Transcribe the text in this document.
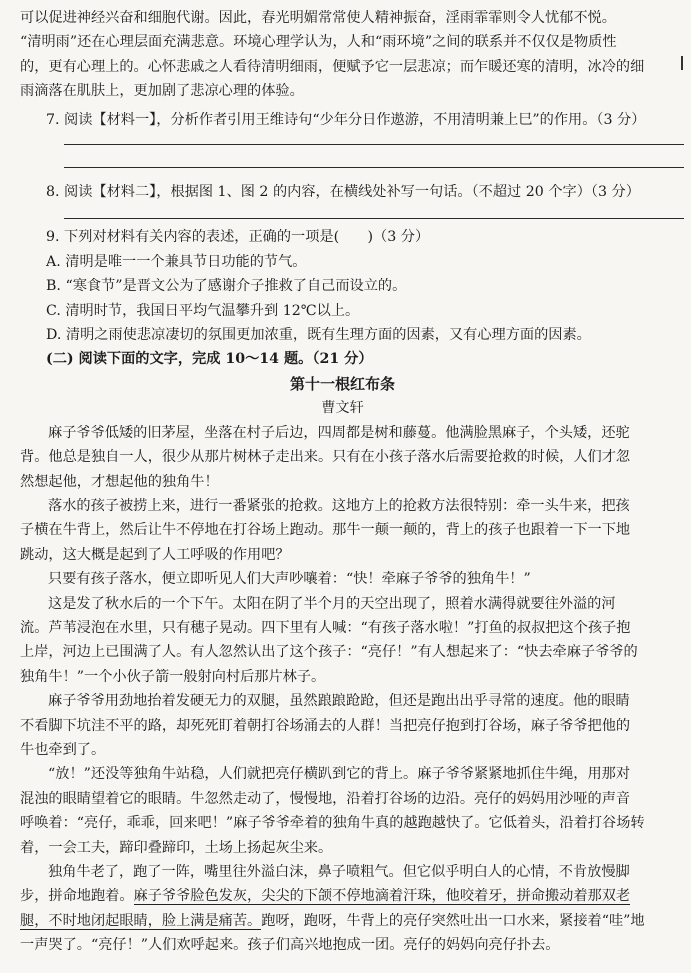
可以促进神经兴奋和细胞代谢。因此，春光明媚常常使人精神振奋，淫雨霏霏则令人忧郁不悦。
“清明雨”还在心理层面充满悲意。环境心理学认为，人和“雨环境”之间的联系并不仅仅是物质性
的，更有心理上的。心怀悲戚之人看待清明细雨，便赋予它一层悲凉；而乍暖还寒的清明，冰冷的细
雨滴落在肌肤上，更加剧了悲凉心理的体验。
7. 阅读【材料一】，分析作者引用王维诗句“少年分日作遨游，不用清明兼上巳”的作用。（3 分）
8. 阅读【材料二】，根据图 1、图 2 的内容，在横线处补写一句话。（不超过 20 个字）（3 分）
9. 下列对材料有关内容的表述，正确的一项是(　　)（3 分）
A. 清明是唯一一个兼具节日功能的节气。
B. “寒食节”是晋文公为了感谢介子推救了自己而设立的。
C. 清明时节，我国日平均气温攀升到 12℃以上。
D. 清明之雨使悲凉凄切的氛围更加浓重，既有生理方面的因素，又有心理方面的因素。
(二) 阅读下面的文字，完成 10～14 题。（21 分）
第十一根红布条
曹文轩
麻子爷爷低矮的旧茅屋，坐落在村子后边，四周都是树和藤蔓。他满脸黑麻子，个头矮，还驼
背。他总是独自一人，很少从那片树林子走出来。只有在小孩子落水后需要抢救的时候，人们才忽
然想起他，才想起他的独角牛！
落水的孩子被捞上来，进行一番紧张的抢救。这地方上的抢救方法很特别：牵一头牛来，把孩
子横在牛背上，然后让牛不停地在打谷场上跑动。那牛一颠一颠的，背上的孩子也跟着一下一下地
跳动，这大概是起到了人工呼吸的作用吧？
只要有孩子落水，便立即听见人们大声吵嚷着：“快！牵麻子爷爷的独角牛！”
这是发了秋水后的一个下午。太阳在阴了半个月的天空出现了，照着水满得就要往外溢的河
流。芦苇浸泡在水里，只有穗子晃动。四下里有人喊：“有孩子落水啦！”打鱼的叔叔把这个孩子抱
上岸，河边上已围满了人。有人忽然认出了这个孩子：“亮仔！”有人想起来了：“快去牵麻子爷爷的
独角牛！”一个小伙子箭一般射向村后那片林子。
麻子爷爷用劲地抬着发硬无力的双腿，虽然踉踉跄跄，但还是跑出出乎寻常的速度。他的眼睛
不看脚下坑洼不平的路，却死死盯着朝打谷场涌去的人群！当把亮仔抱到打谷场，麻子爷爷把他的
牛也牵到了。
“放！”还没等独角牛站稳，人们就把亮仔横趴到它的背上。麻子爷爷紧紧地抓住牛绳，用那对
混浊的眼睛望着它的眼睛。牛忽然走动了，慢慢地，沿着打谷场的边沿。亮仔的妈妈用沙哑的声音
呼唤着：“亮仔，乖乖，回来吧！”麻子爷爷牵着的独角牛真的越跑越快了。它低着头，沿着打谷场转
着，一会工夫，蹄印叠蹄印，土场上扬起灰尘来。
独角牛老了，跑了一阵，嘴里往外溢白沫，鼻子喷粗气。但它似乎明白人的心情，不肯放慢脚
步，拼命地跑着。麻子爷爷脸色发灰，尖尖的下颌不停地滴着汗珠，他咬着牙，拼命搬动着那双老
腿，不时地闭起眼睛，脸上满是痛苦。跑呀，跑呀，牛背上的亮仔突然吐出一口水来，紧接着“哇”地
一声哭了。“亮仔！”人们欢呼起来。孩子们高兴地抱成一团。亮仔的妈妈向亮仔扑去。
